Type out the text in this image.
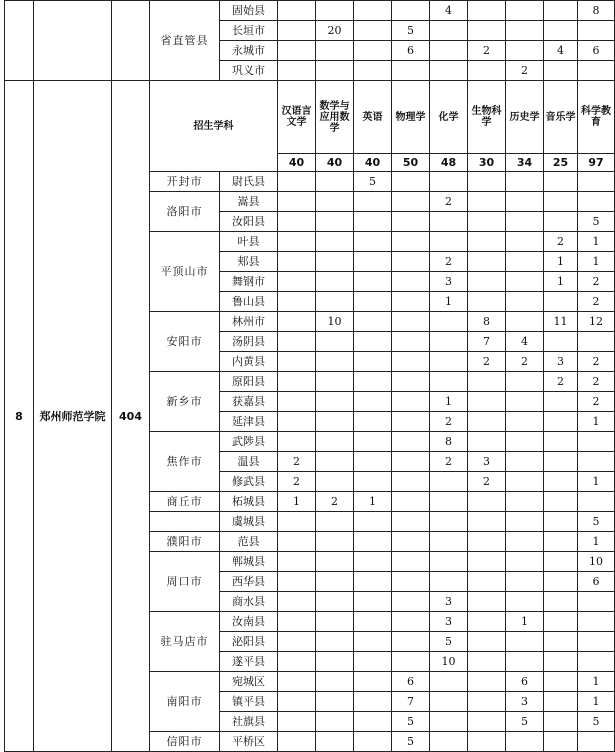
			省直管县	固始县					4				8
				长垣市		20		5					
				永城市				6		2		4	6
				巩义市							2		
8	郑州师范学院	404	招生学科		汉语言文学	数学与应用数学	英语	物理学	化学	生物科学	历史学	音乐学	科学教育
					40	40	40	50	48	30	34	25	97
			开封市	尉氏县			5						
			洛阳市	嵩县					2				
				汝阳县									5
			平顶山市	叶县								2	1
				郏县					2			1	1
				舞钢市					3			1	2
				鲁山县					1				2
			安阳市	林州市		10				8		11	12
				汤阴县						7	4		
				内黄县						2	2	3	2
			新乡市	原阳县								2	2
				获嘉县					1				2
				延津县					2				1
			焦作市	武陟县					8				
				温县	2				2	3			
				修武县	2					2			1
			商丘市	柘城县	1	2	1						
				虞城县									5
			濮阳市	范县									1
			周口市	郸城县									10
				西华县									6
				商水县					3				
			驻马店市	汝南县					3		1		
				泌阳县					5				
				遂平县					10				
			南阳市	宛城区				6			6		1
				镇平县				7			3		1
				社旗县				5			5		5
			信阳市	平桥区				5					
